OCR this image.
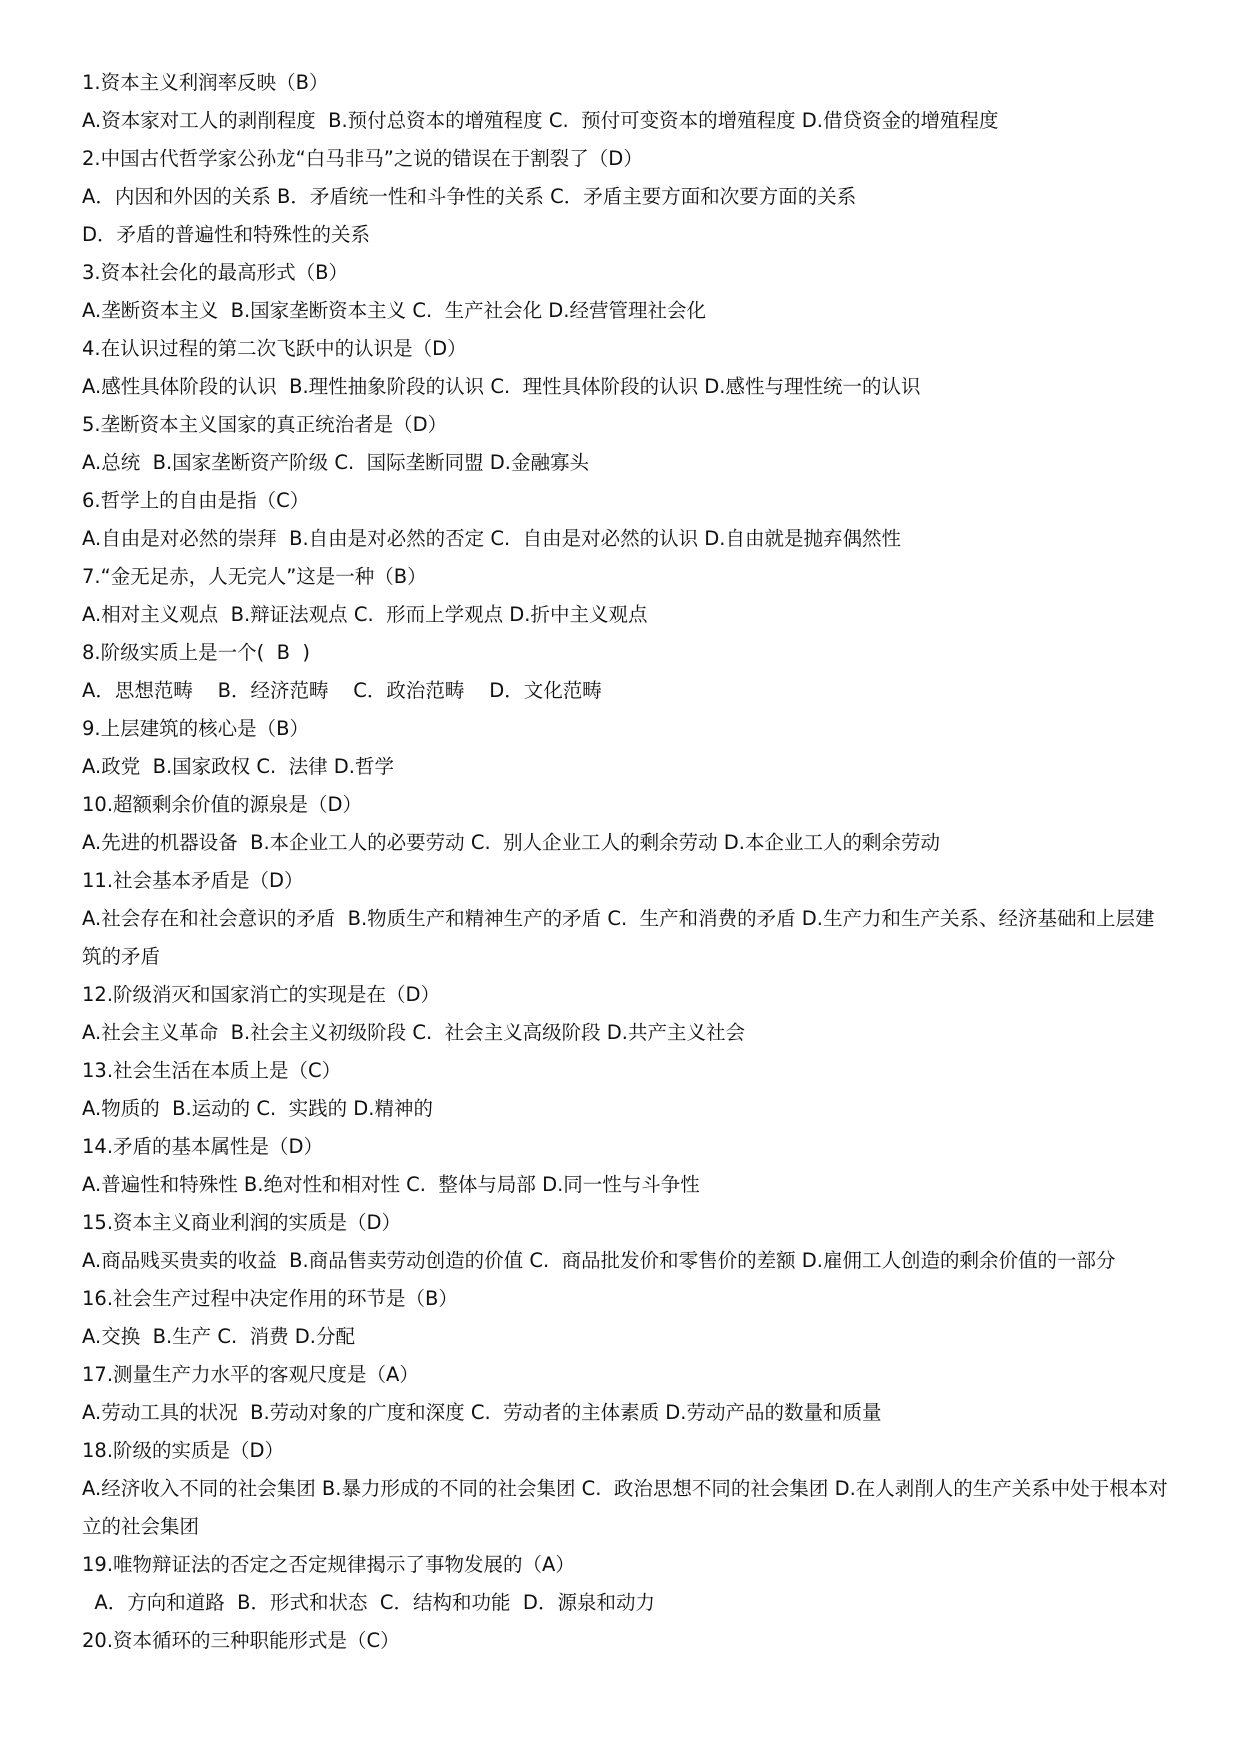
1.资本主义利润率反映（B）

A.资本家对工人的剥削程度  B.预付总资本的增殖程度 C.  预付可变资本的增殖程度 D.借贷资金的增殖程度

2.中国古代哲学家公孙龙“白马非马”之说的错误在于割裂了（D）

A．内因和外因的关系 B．矛盾统一性和斗争性的关系 C．矛盾主要方面和次要方面的关系

D．矛盾的普遍性和特殊性的关系

3.资本社会化的最高形式（B）

A.垄断资本主义  B.国家垄断资本主义 C.  生产社会化 D.经营管理社会化

4.在认识过程的第二次飞跃中的认识是（D）

A.感性具体阶段的认识  B.理性抽象阶段的认识 C.  理性具体阶段的认识 D.感性与理性统一的认识

5.垄断资本主义国家的真正统治者是（D）

A.总统  B.国家垄断资产阶级 C.  国际垄断同盟 D.金融寡头

6.哲学上的自由是指（C）

A.自由是对必然的崇拜  B.自由是对必然的否定 C.  自由是对必然的认识 D.自由就是抛弃偶然性

7.“金无足赤，人无完人”这是一种（B）

A.相对主义观点  B.辩证法观点 C.  形而上学观点 D.折中主义观点

8.阶级实质上是一个(  B  )

A．思想范畴    B．经济范畴    C．政治范畴    D．文化范畴

9.上层建筑的核心是（B）

A.政党  B.国家政权 C.  法律 D.哲学

10.超额剩余价值的源泉是（D）

A.先进的机器设备  B.本企业工人的必要劳动 C.  别人企业工人的剩余劳动 D.本企业工人的剩余劳动

11.社会基本矛盾是（D）

A.社会存在和社会意识的矛盾  B.物质生产和精神生产的矛盾 C.  生产和消费的矛盾 D.生产力和生产关系、经济基础和上层建筑的矛盾

12.阶级消灭和国家消亡的实现是在（D）

A.社会主义革命  B.社会主义初级阶段 C.  社会主义高级阶段 D.共产主义社会

13.社会生活在本质上是（C）

A.物质的  B.运动的 C.  实践的 D.精神的

14.矛盾的基本属性是（D）

A.普遍性和特殊性 B.绝对性和相对性 C.  整体与局部 D.同一性与斗争性

15.资本主义商业利润的实质是（D）

A.商品贱买贵卖的收益  B.商品售卖劳动创造的价值 C.  商品批发价和零售价的差额 D.雇佣工人创造的剩余价值的一部分

16.社会生产过程中决定作用的环节是（B）

A.交换  B.生产 C.  消费 D.分配

17.测量生产力水平的客观尺度是（A）

A.劳动工具的状况  B.劳动对象的广度和深度 C.  劳动者的主体素质 D.劳动产品的数量和质量

18.阶级的实质是（D）

A.经济收入不同的社会集团 B.暴力形成的不同的社会集团 C.  政治思想不同的社会集团 D.在人剥削人的生产关系中处于根本对立的社会集团

19.唯物辩证法的否定之否定规律揭示了事物发展的（A）

A．方向和道路  B．形式和状态  C．结构和功能  D．源泉和动力

20.资本循环的三种职能形式是（C）
